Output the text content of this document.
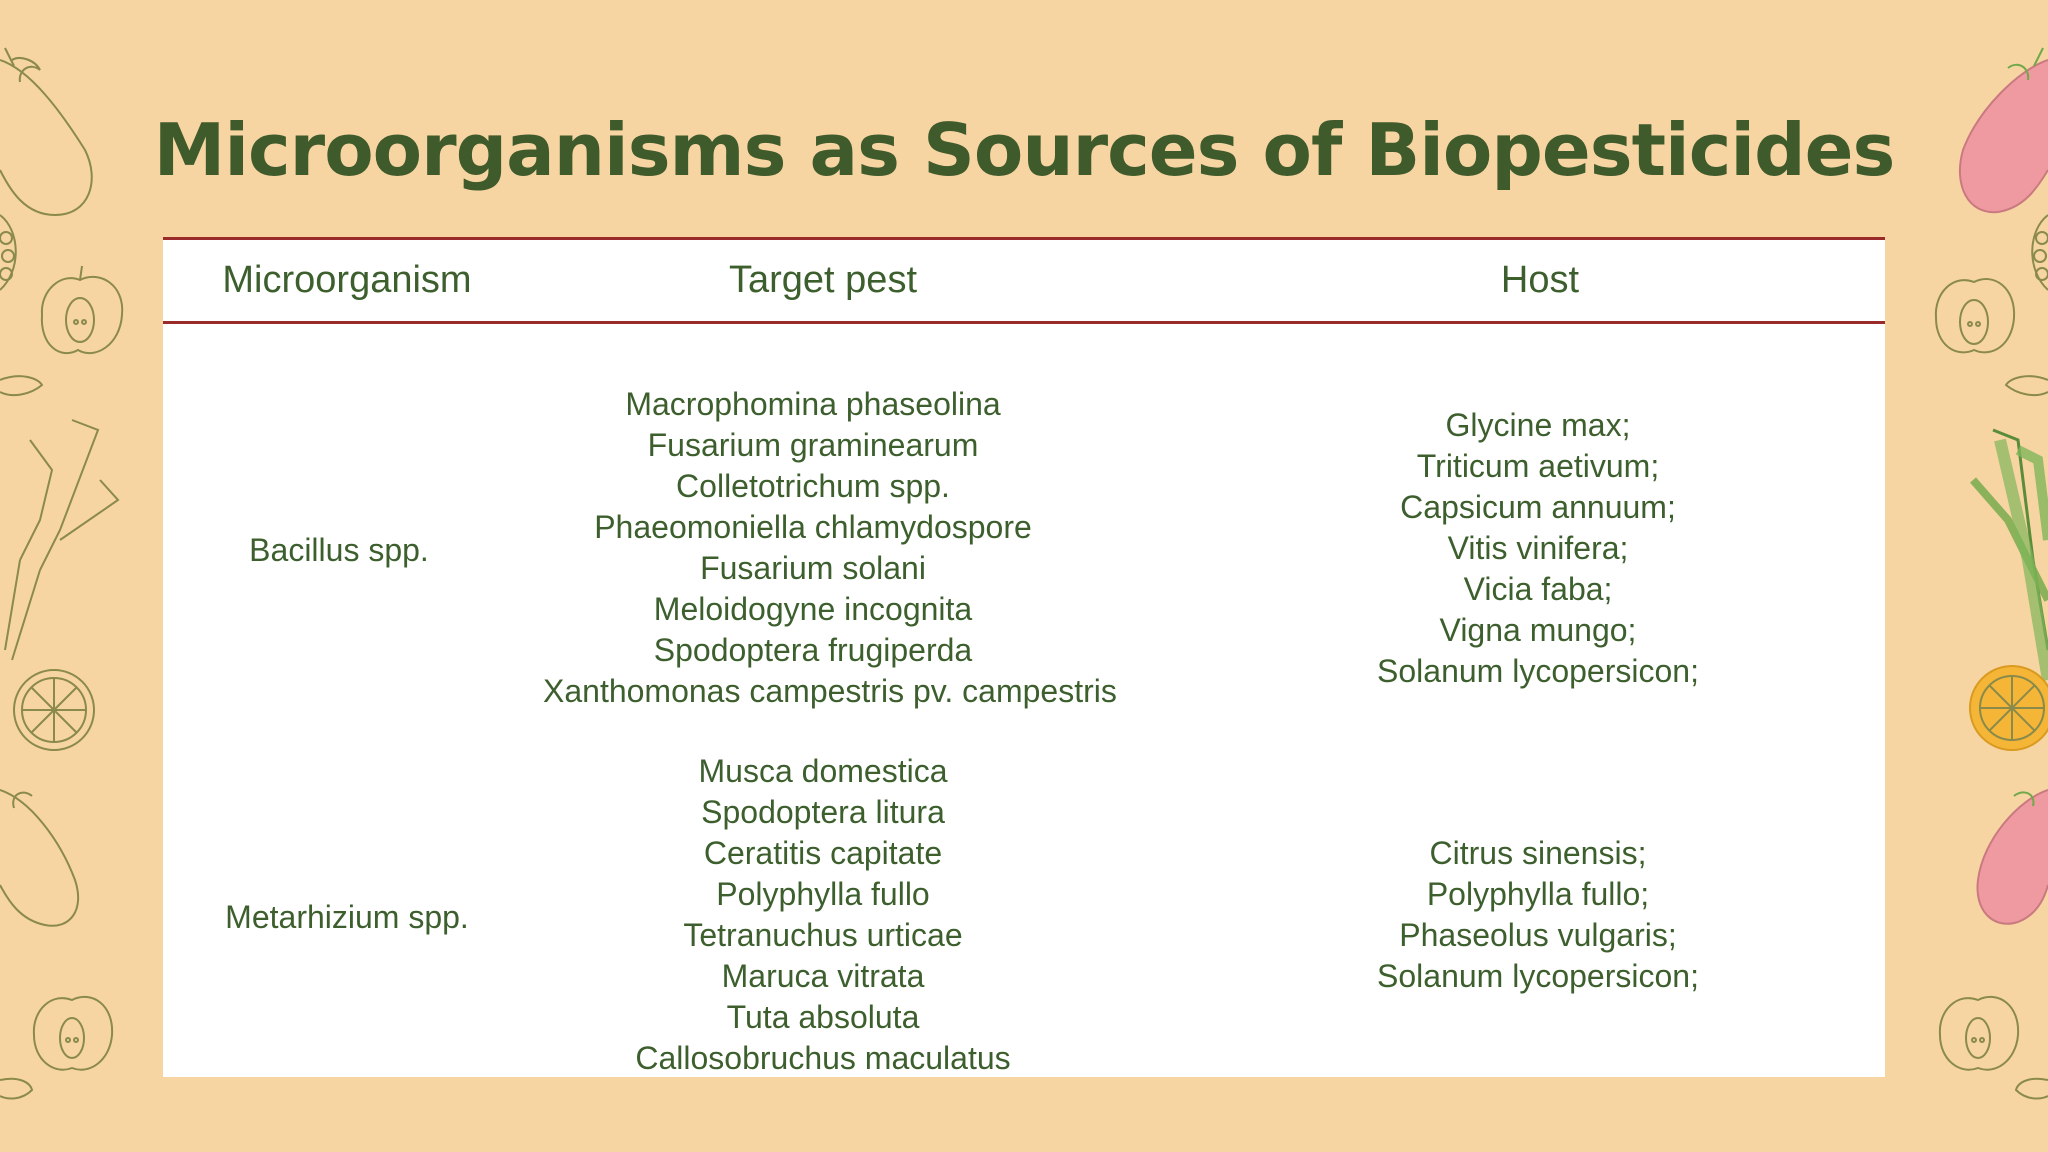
Microorganisms as Sources of Biopesticides
Microorganism	Target pest	Host
Bacillus spp.
Macrophomina phaseolina
Fusarium graminearum
Colletotrichum spp.
Phaeomoniella chlamydospore
Fusarium solani
Meloidogyne incognita
Spodoptera frugiperda
Xanthomonas campestris pv. campestris
Glycine max;
Triticum aetivum;
Capsicum annuum;
Vitis vinifera;
Vicia faba;
Vigna mungo;
Solanum lycopersicon;
Metarhizium spp.
Musca domestica
Spodoptera litura
Ceratitis capitate
Polyphylla fullo
Tetranuchus urticae
Maruca vitrata
Tuta absoluta
Callosobruchus maculatus
Citrus sinensis;
Polyphylla fullo;
Phaseolus vulgaris;
Solanum lycopersicon;
